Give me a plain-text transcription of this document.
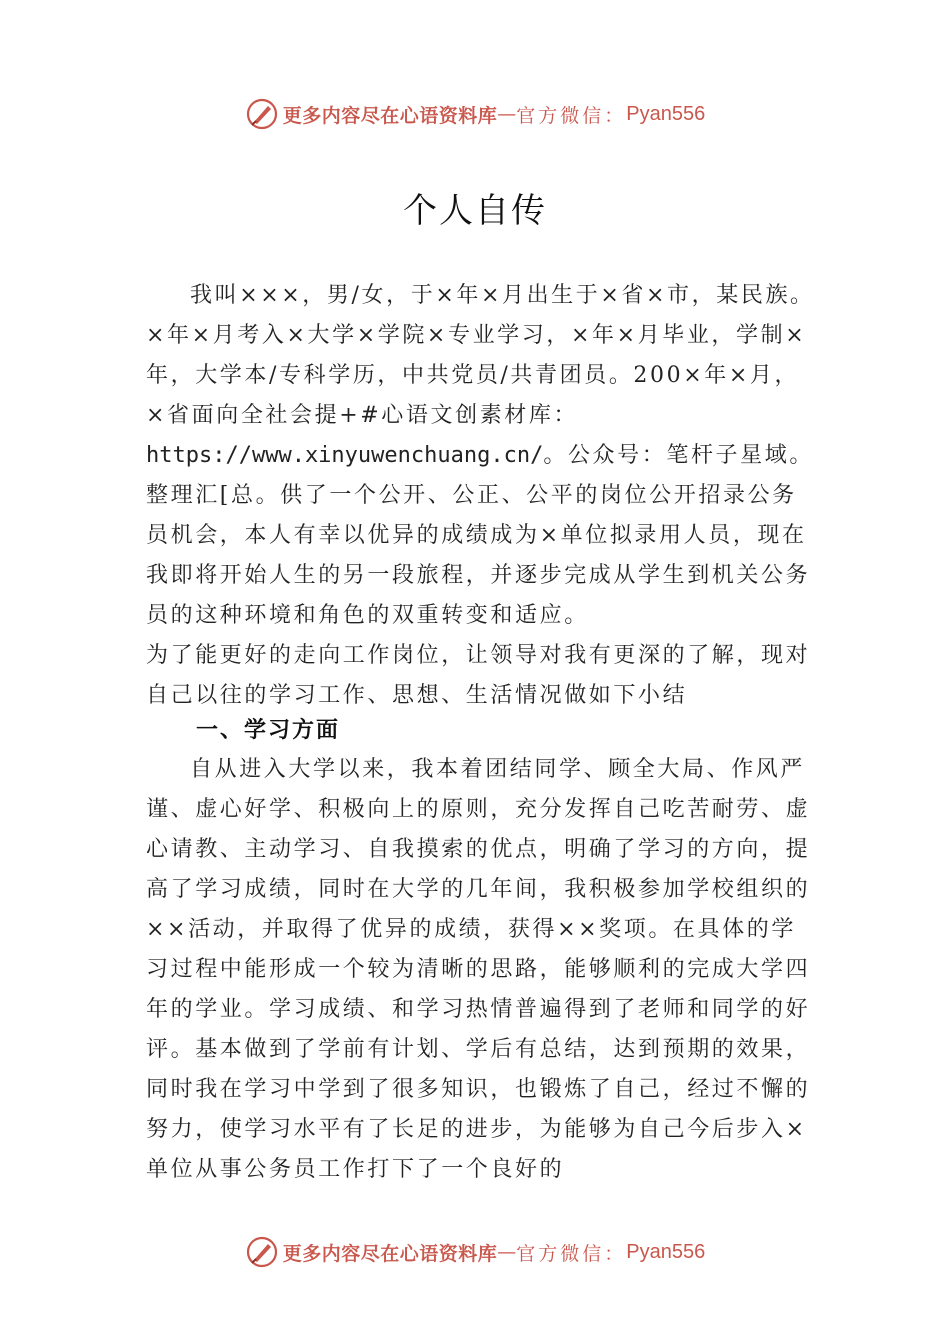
更多内容尽在心语资料库 — 官方微信： Pyan556
个人自传

我叫×××，男/女，于×年×月出生于×省×市，某民族。×年×月考入×大学×学院×专业学习，×年×月毕业，学制×年，大学本/专科学历，中共党员/共青团员。200×年×月，×省面向全社会提+#心语文创素材库：https://www.xinyuwenchuang.cn/。公众号：笔杆子星域。整理汇[总。供了一个公开、公正、公平的岗位公开招录公务员机会，本人有幸以优异的成绩成为×单位拟录用人员，现在我即将开始人生的另一段旅程，并逐步完成从学生到机关公务员的这种环境和角色的双重转变和适应。

为了能更好的走向工作岗位，让领导对我有更深的了解，现对自己以往的学习工作、思想、生活情况做如下小结

一、学习方面

自从进入大学以来，我本着团结同学、顾全大局、作风严谨、虚心好学、积极向上的原则，充分发挥自己吃苦耐劳、虚心请教、主动学习、自我摸索的优点，明确了学习的方向，提高了学习成绩，同时在大学的几年间，我积极参加学校组织的××活动，并取得了优异的成绩，获得××奖项。在具体的学习过程中能形成一个较为清晰的思路，能够顺利的完成大学四年的学业。学习成绩、和学习热情普遍得到了老师和同学的好评。基本做到了学前有计划、学后有总结，达到预期的效果，同时我在学习中学到了很多知识，也锻炼了自己，经过不懈的努力，使学习水平有了长足的进步，为能够为自己今后步入×单位从事公务员工作打下了一个良好的

更多内容尽在心语资料库 — 官方微信： Pyan556
